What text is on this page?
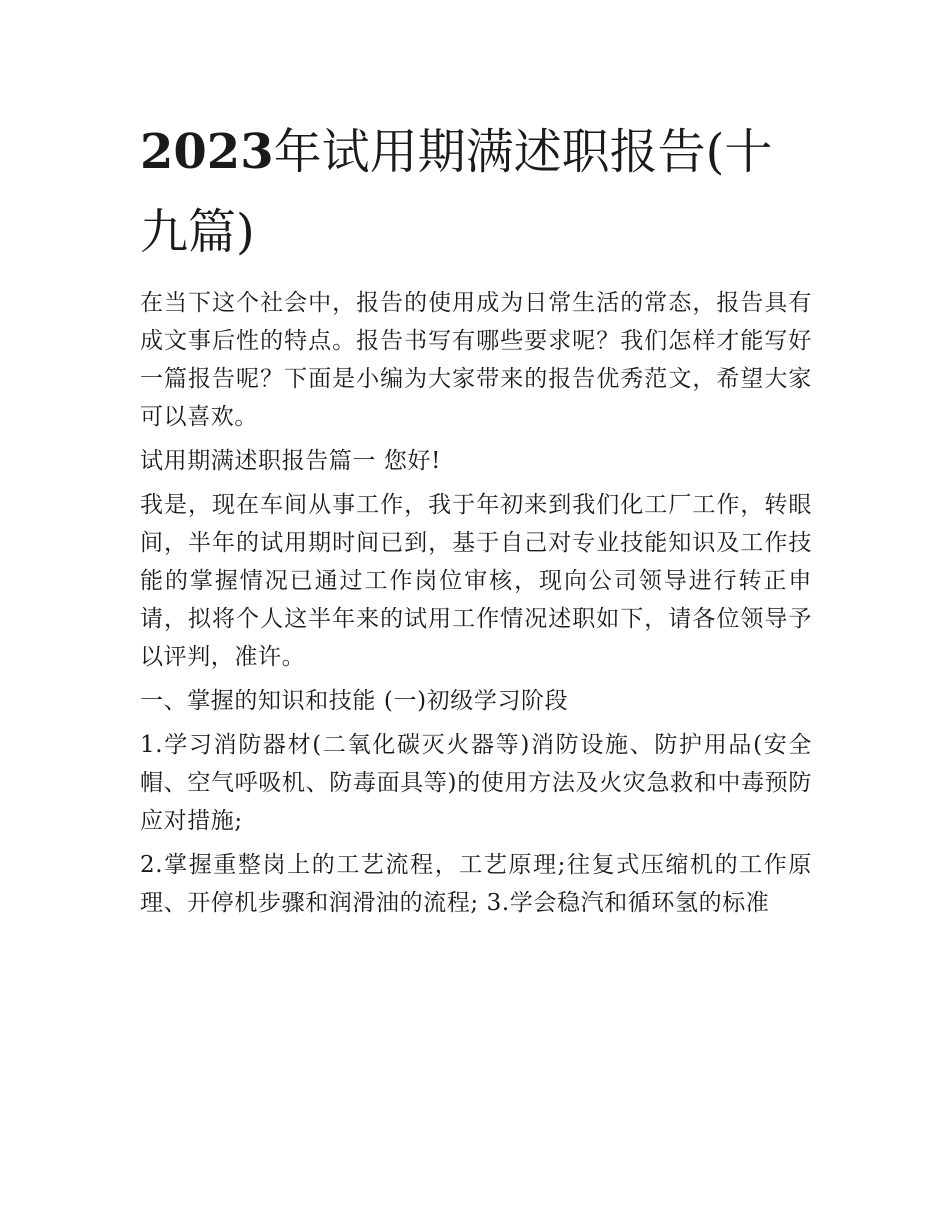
2023年试用期满述职报告(十九篇)

在当下这个社会中，报告的使用成为日常生活的常态，报告具有成文事后性的特点。报告书写有哪些要求呢？我们怎样才能写好一篇报告呢？下面是小编为大家带来的报告优秀范文，希望大家可以喜欢。

试用期满述职报告篇一 您好!

我是，现在车间从事工作，我于年初来到我们化工厂工作，转眼间，半年的试用期时间已到，基于自己对专业技能知识及工作技能的掌握情况已通过工作岗位审核，现向公司领导进行转正申请，拟将个人这半年来的试用工作情况述职如下，请各位领导予以评判，准许。

一、掌握的知识和技能 (一)初级学习阶段

1.学习消防器材(二氧化碳灭火器等)消防设施、防护用品(安全帽、空气呼吸机、防毒面具等)的使用方法及火灾急救和中毒预防应对措施;

2.掌握重整岗上的工艺流程，工艺原理;往复式压缩机的工作原理、开停机步骤和润滑油的流程; 3.学会稳汽和循环氢的标准
